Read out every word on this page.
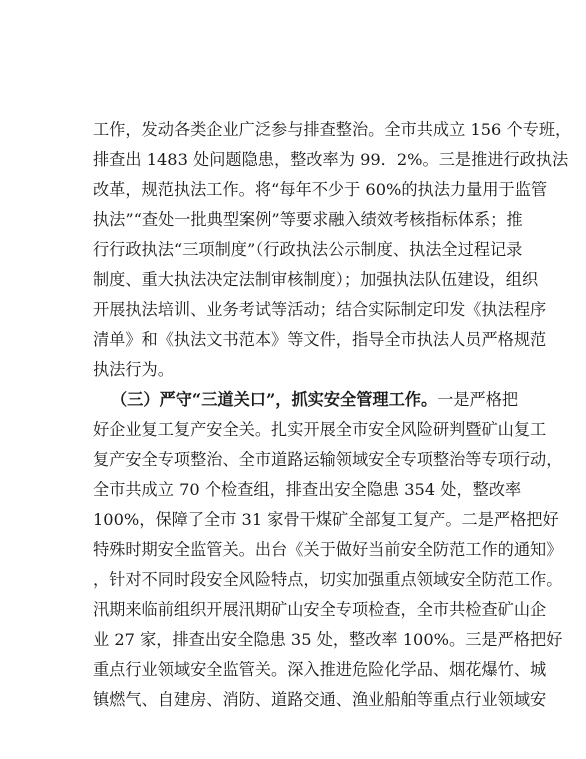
工作，发动各类企业广泛参与排查整治。全市共成立 156 个专班，
排查出 1483 处问题隐患，整改率为 99．2%。三是推进行政执法
改革，规范执法工作。将“每年不少于 60%的执法力量用于监管
执法”“查处一批典型案例”等要求融入绩效考核指标体系；推
行行政执法“三项制度”（行政执法公示制度、执法全过程记录
制度、重大执法决定法制审核制度）；加强执法队伍建设，组织
开展执法培训、业务考试等活动；结合实际制定印发《执法程序
清单》和《执法文书范本》等文件，指导全市执法人员严格规范
执法行为。
（三）严守“三道关口”，抓实安全管理工作。 一是严格把
好企业复工复产安全关。扎实开展全市安全风险研判暨矿山复工
复产安全专项整治、全市道路运输领域安全专项整治等专项行动，
全市共成立 70 个检查组，排查出安全隐患 354 处，整改率
100%，保障了全市 31 家骨干煤矿全部复工复产。二是严格把好
特殊时期安全监管关。出台《关于做好当前安全防范工作的通知》
，针对不同时段安全风险特点，切实加强重点领域安全防范工作。
汛期来临前组织开展汛期矿山安全专项检查，全市共检查矿山企
业 27 家，排查出安全隐患 35 处，整改率 100%。三是严格把好
重点行业领域安全监管关。深入推进危险化学品、烟花爆竹、城
镇燃气、自建房、消防、道路交通、渔业船舶等重点行业领域安
